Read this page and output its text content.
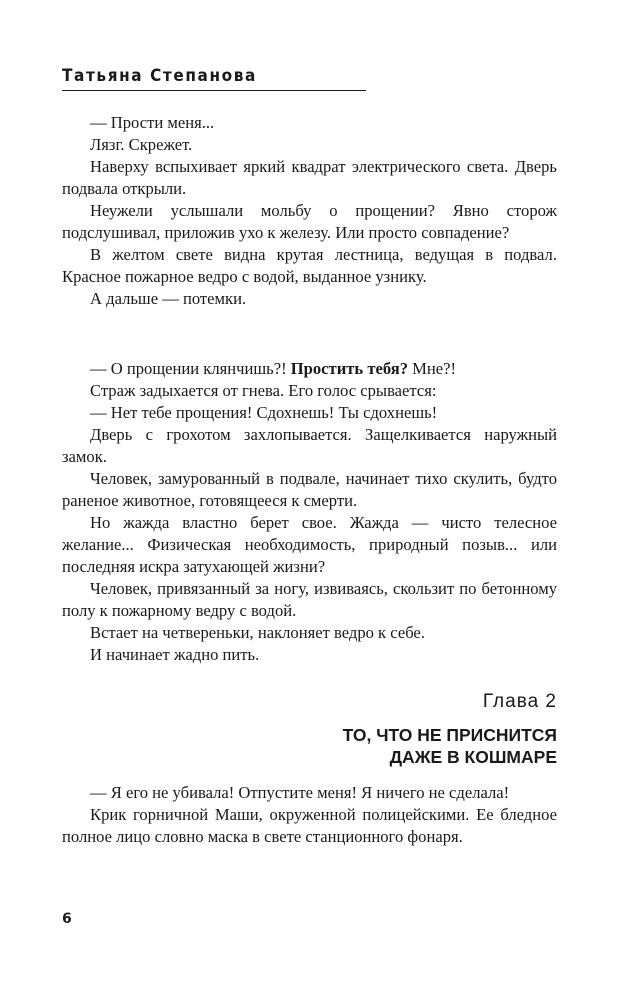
Татьяна Степанова

— Прости меня...

Лязг. Скрежет.

Наверху вспыхивает яркий квадрат электрического света. Дверь подвала открыли.

Неужели услышали мольбу о прощении? Явно сторож подслушивал, приложив ухо к железу. Или просто совпадение?

В желтом свете видна крутая лестница, ведущая в подвал. Красное пожарное ведро с водой, выданное узнику.

А дальше — потемки.

— О прощении клянчишь?! Простить тебя? Мне?!

Страж задыхается от гнева. Его голос срывается:

— Нет тебе прощения! Сдохнешь! Ты сдохнешь!

Дверь с грохотом захлопывается. Защелкивается наружный замок.

Человек, замурованный в подвале, начинает тихо скулить, будто раненое животное, готовящееся к смерти.

Но жажда властно берет свое. Жажда — чисто телесное желание... Физическая необходимость, природный позыв... или последняя искра затухающей жизни?

Человек, привязанный за ногу, извиваясь, скользит по бетонному полу к пожарному ведру с водой.

Встает на четвереньки, наклоняет ведро к себе.

И начинает жадно пить.

Глава 2
ТО, ЧТО НЕ ПРИСНИТСЯ
ДАЖЕ В КОШМАРЕ

— Я его не убивала! Отпустите меня! Я ничего не сделала!

Крик горничной Маши, окруженной полицейскими. Ее бледное полное лицо словно маска в свете станционного фонаря.

6
